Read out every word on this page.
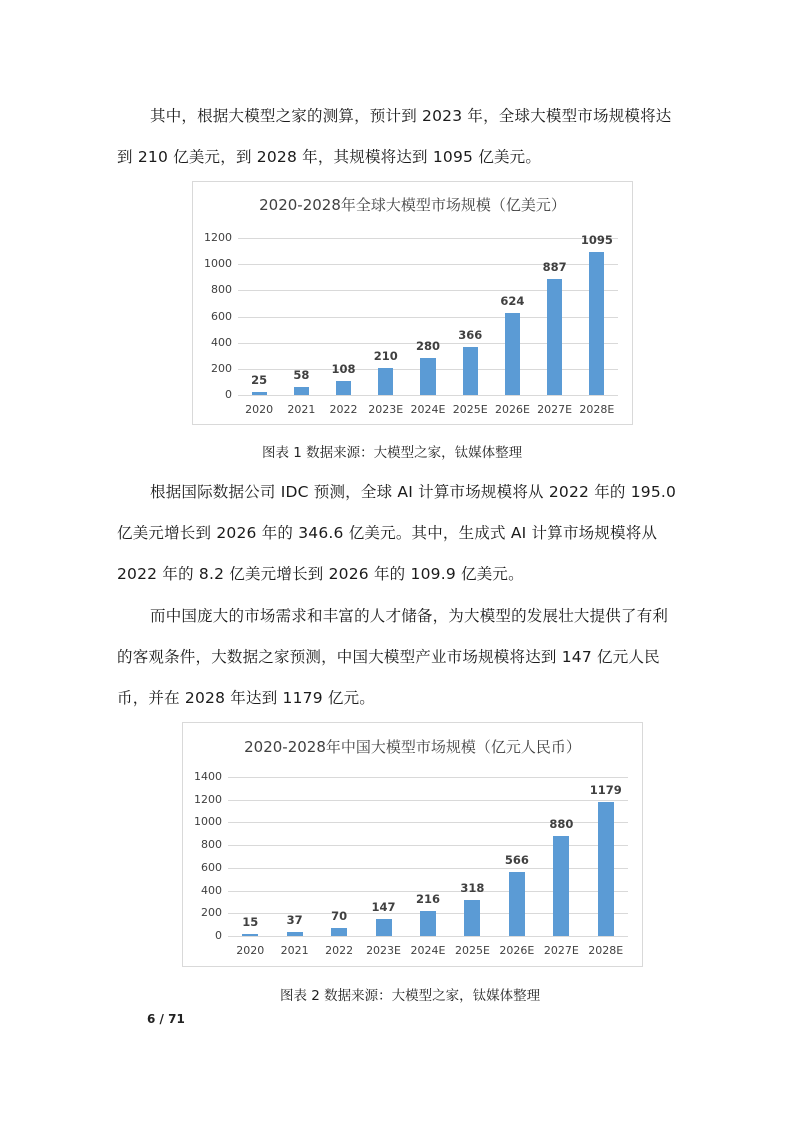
其中，根据大模型之家的测算，预计到 2023 年，全球大模型市场规模将达到 210 亿美元，到 2028 年，其规模将达到 1095 亿美元。

2020-2028年全球大模型市场规模（亿美元）
25
2020
58
2021
108
2022
210
2023E
280
2024E
366
2025E
624
2026E
887
2027E
1095
2028E
0
200
400
600
800
1000
1200
图表 1 数据来源：大模型之家，钛媒体整理

根据国际数据公司 IDC 预测，全球 AI 计算市场规模将从 2022 年的 195.0 亿美元增长到 2026 年的 346.6 亿美元。其中，生成式 AI 计算市场规模将从 2022 年的 8.2 亿美元增长到 2026 年的 109.9 亿美元。

而中国庞大的市场需求和丰富的人才储备，为大模型的发展壮大提供了有利的客观条件，大数据之家预测，中国大模型产业市场规模将达到 147 亿元人民币，并在 2028 年达到 1179 亿元。

2020-2028年中国大模型市场规模（亿元人民币）
15
2020
37
2021
70
2022
147
2023E
216
2024E
318
2025E
566
2026E
880
2027E
1179
2028E
0
200
400
600
800
1000
1200
1400
图表 2 数据来源：大模型之家，钛媒体整理
6 / 71
